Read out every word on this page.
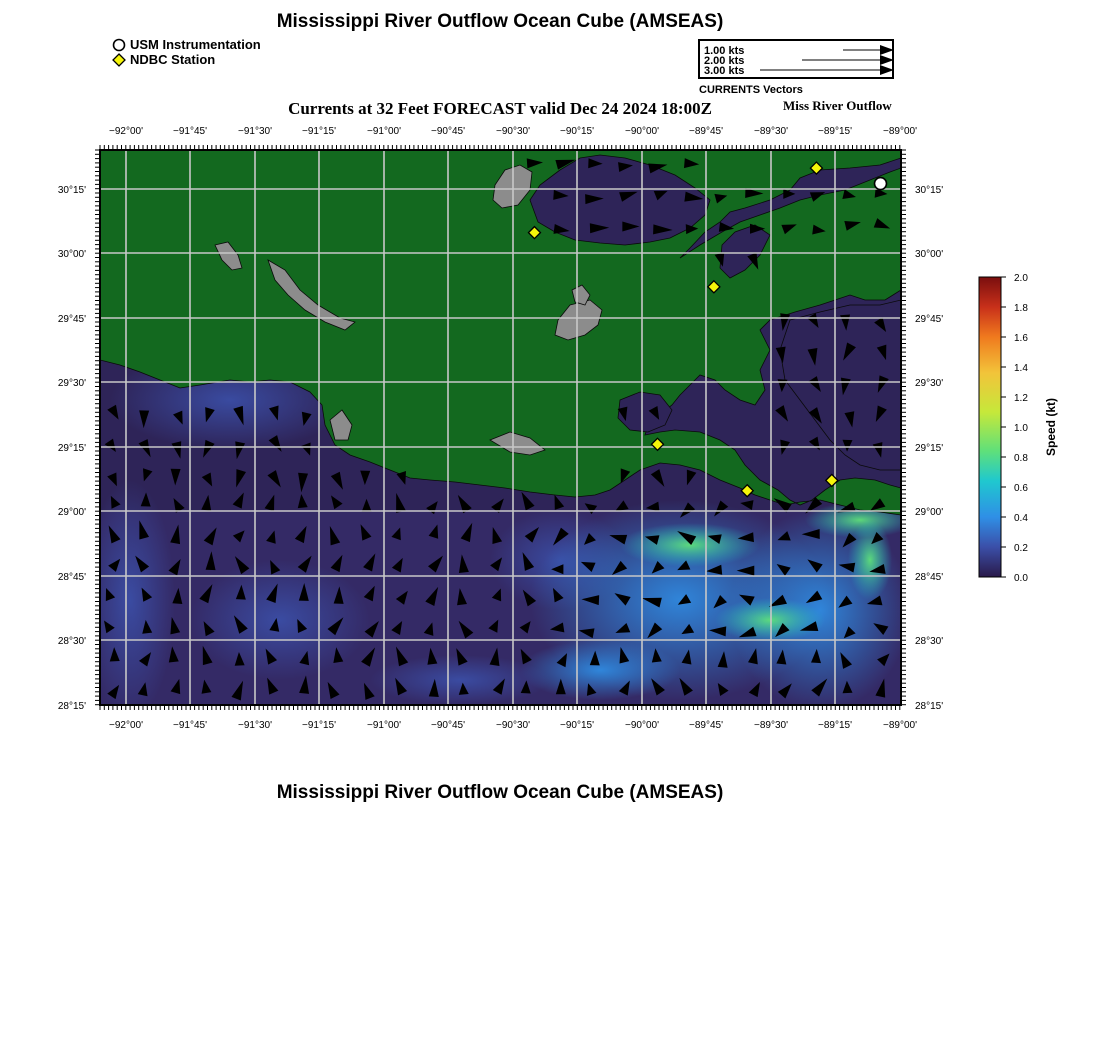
Mississippi River Outflow Ocean Cube (AMSEAS)
USM Instrumentation
NDBC Station
1.00 kts
2.00 kts
3.00 kts
CURRENTS Vectors
Currents at 32 Feet FORECAST valid Dec 24 2024 18:00Z	Miss River Outflow
−92°00'	−91°45'	−91°30'	−91°15'	−91°00'	−90°45'	−90°30'	−90°15'	−90°00'	−89°45'	−89°30'	−89°15'	−89°00'
−92°00'	−91°45'	−91°30'	−91°15'	−91°00'	−90°45'	−90°30'	−90°15'	−90°00'	−89°45'	−89°30'	−89°15'	−89°00'
30°15'
30°00'
29°45'
29°30'
29°15'
29°00'
28°45'
28°30'
28°15'
30°15'
30°00'
29°45'
29°30'
29°15'
29°00'
28°45'
28°30'
28°15'
2.0
1.8
1.6
1.4
1.2
1.0
0.8
0.6
0.4
0.2
0.0
Speed (kt)
Mississippi River Outflow Ocean Cube (AMSEAS)
